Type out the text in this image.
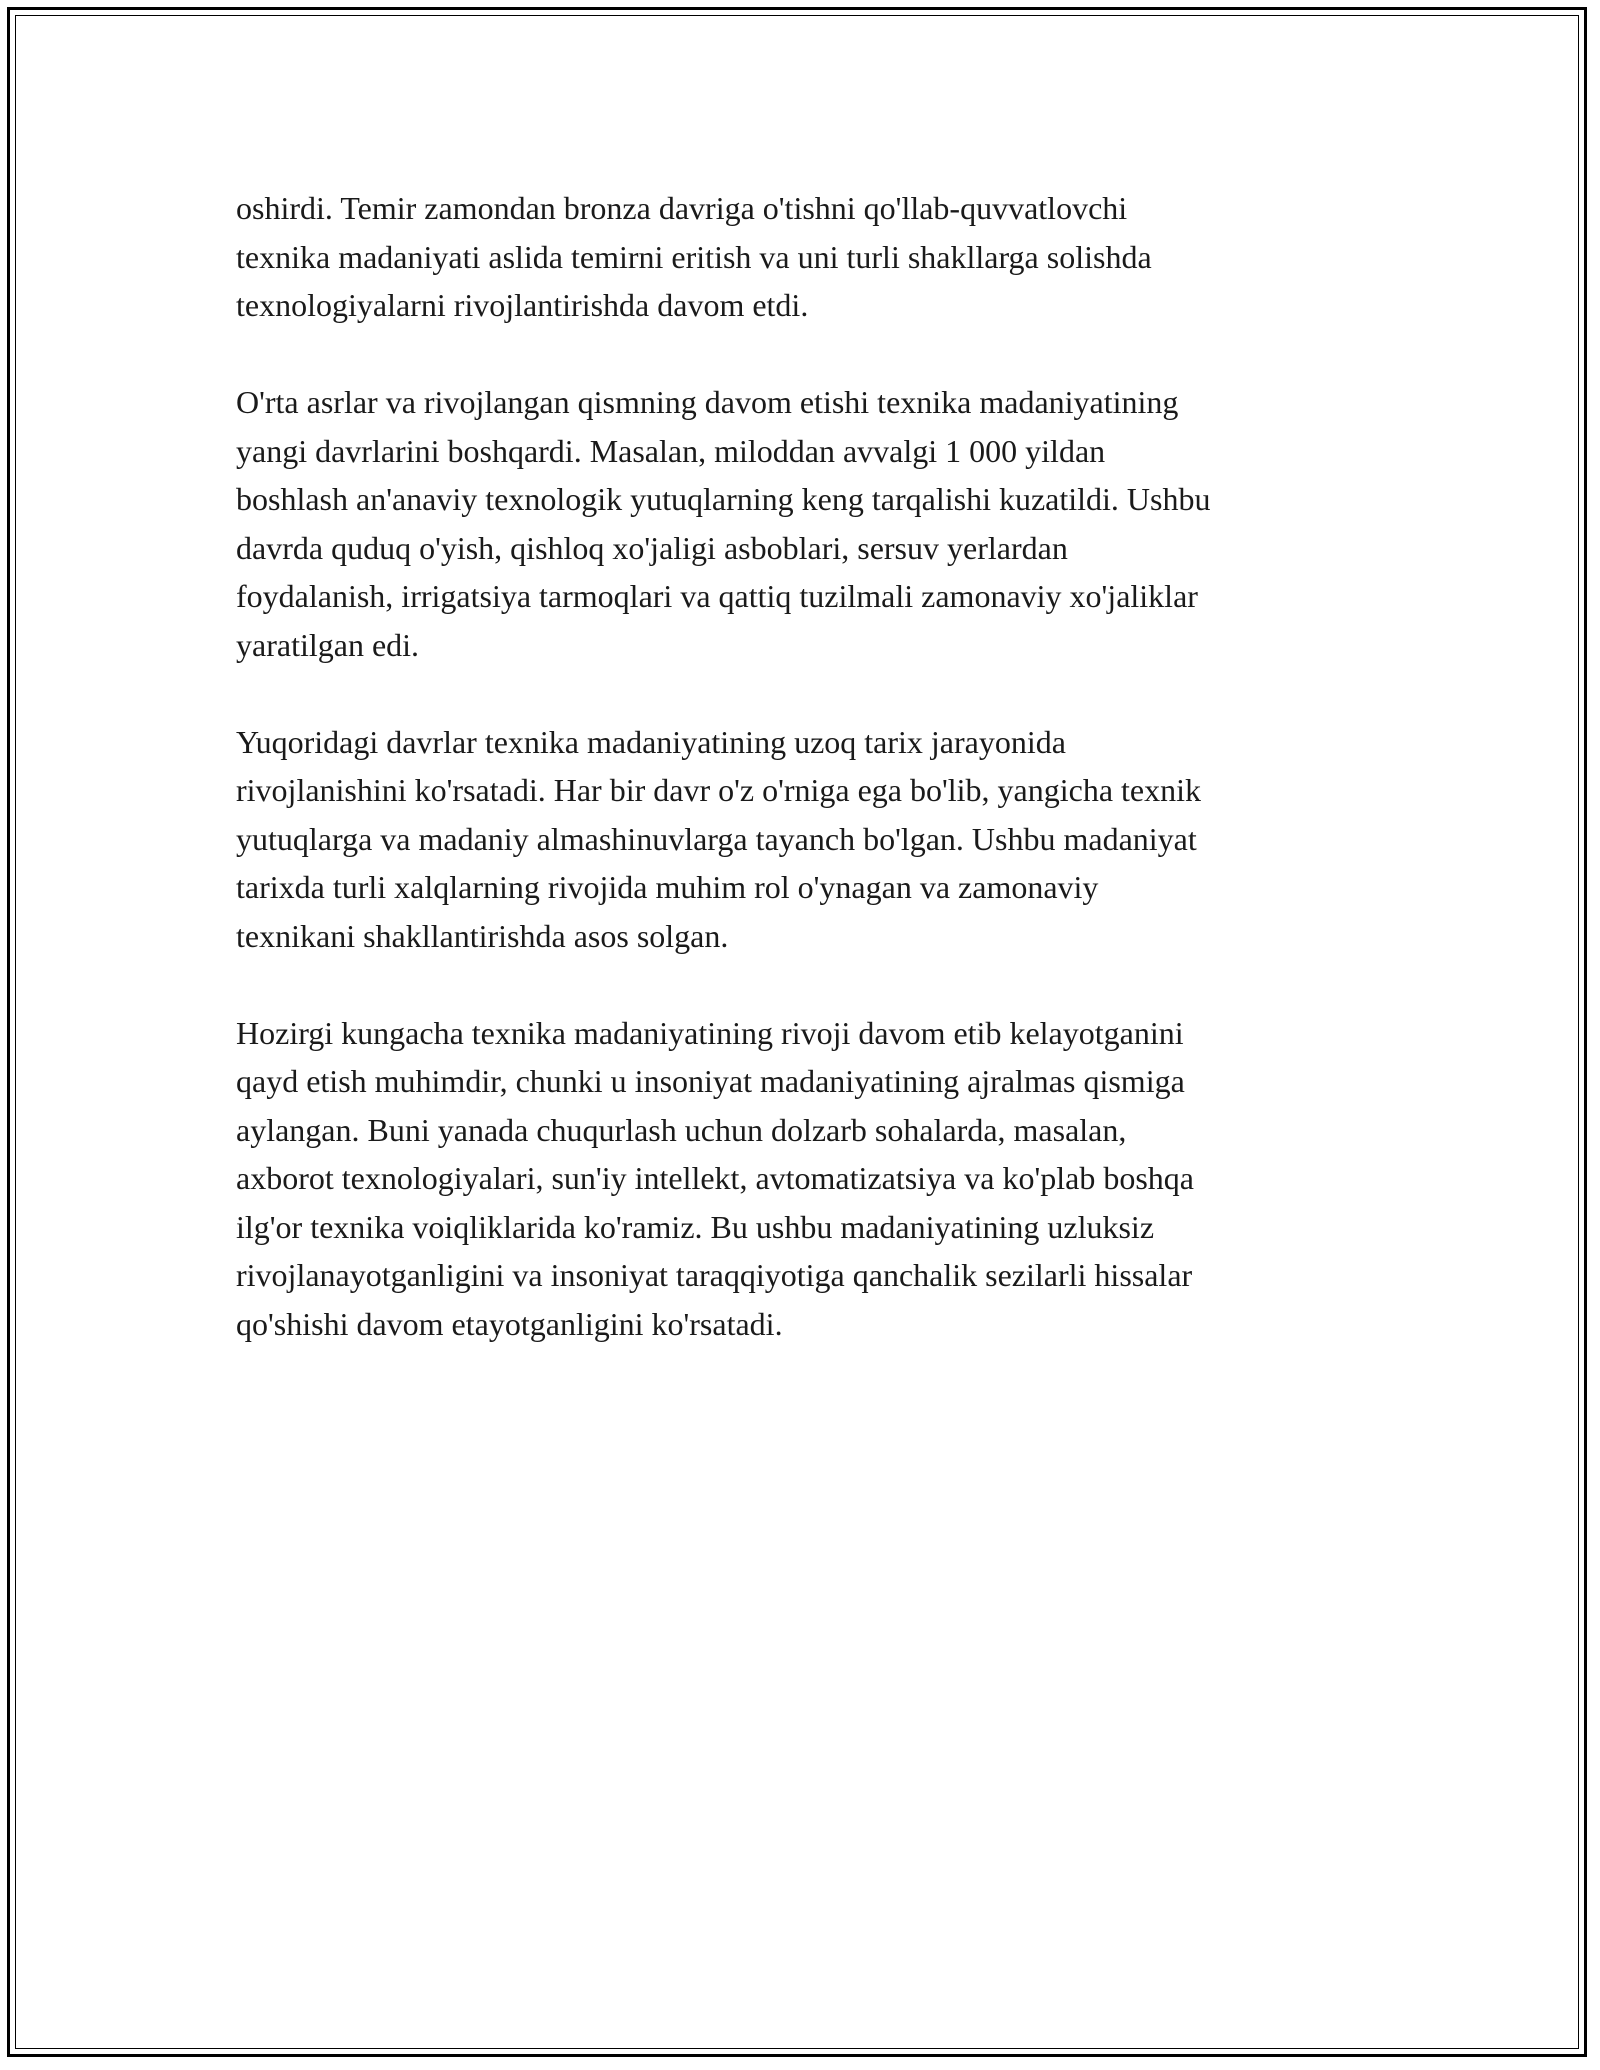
oshirdi. Temir zamondan bronza davriga o'tishni qo'llab-quvvatlovchi
texnika madaniyati aslida temirni eritish va uni turli shakllarga solishda
texnologiyalarni rivojlantirishda davom etdi.

O'rta asrlar va rivojlangan qismning davom etishi texnika madaniyatining
yangi davrlarini boshqardi. Masalan, miloddan avvalgi 1 000 yildan
boshlash an'anaviy texnologik yutuqlarning keng tarqalishi kuzatildi. Ushbu
davrda quduq o'yish, qishloq xo'jaligi asboblari, sersuv yerlardan
foydalanish, irrigatsiya tarmoqlari va qattiq tuzilmali zamonaviy xo'jaliklar
yaratilgan edi.

Yuqoridagi davrlar texnika madaniyatining uzoq tarix jarayonida
rivojlanishini ko'rsatadi. Har bir davr o'z o'rniga ega bo'lib, yangicha texnik
yutuqlarga va madaniy almashinuvlarga tayanch bo'lgan. Ushbu madaniyat
tarixda turli xalqlarning rivojida muhim rol o'ynagan va zamonaviy
texnikani shakllantirishda asos solgan.

Hozirgi kungacha texnika madaniyatining rivoji davom etib kelayotganini
qayd etish muhimdir, chunki u insoniyat madaniyatining ajralmas qismiga
aylangan. Buni yanada chuqurlash uchun dolzarb sohalarda, masalan,
axborot texnologiyalari, sun'iy intellekt, avtomatizatsiya va ko'plab boshqa
ilg'or texnika voiqliklarida ko'ramiz. Bu ushbu madaniyatining uzluksiz
rivojlanayotganligini va insoniyat taraqqiyotiga qanchalik sezilarli hissalar
qo'shishi davom etayotganligini ko'rsatadi.
